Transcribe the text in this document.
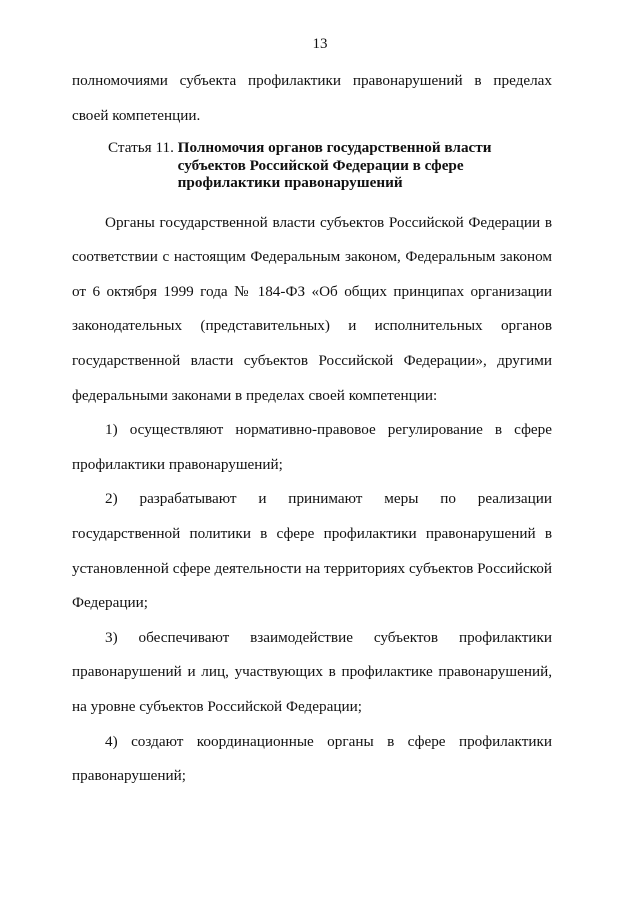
13

полномочиями субъекта профилактики правонарушений в пределах своей компетенции.

Статья 11. Полномочия органов государственной власти субъектов Российской Федерации в сфере профилактики правонарушений

Органы государственной власти субъектов Российской Федерации в соответствии с настоящим Федеральным законом, Федеральным законом от 6 октября 1999 года № 184-ФЗ «Об общих принципах организации законодательных (представительных) и исполнительных органов государственной власти субъектов Российской Федерации», другими федеральными законами в пределах своей компетенции:

1) осуществляют нормативно-правовое регулирование в сфере профилактики правонарушений;

2) разрабатывают и принимают меры по реализации государственной политики в сфере профилактики правонарушений в установленной сфере деятельности на территориях субъектов Российской Федерации;

3) обеспечивают взаимодействие субъектов профилактики правонарушений и лиц, участвующих в профилактике правонарушений, на уровне субъектов Российской Федерации;

4) создают координационные органы в сфере профилактики правонарушений;
